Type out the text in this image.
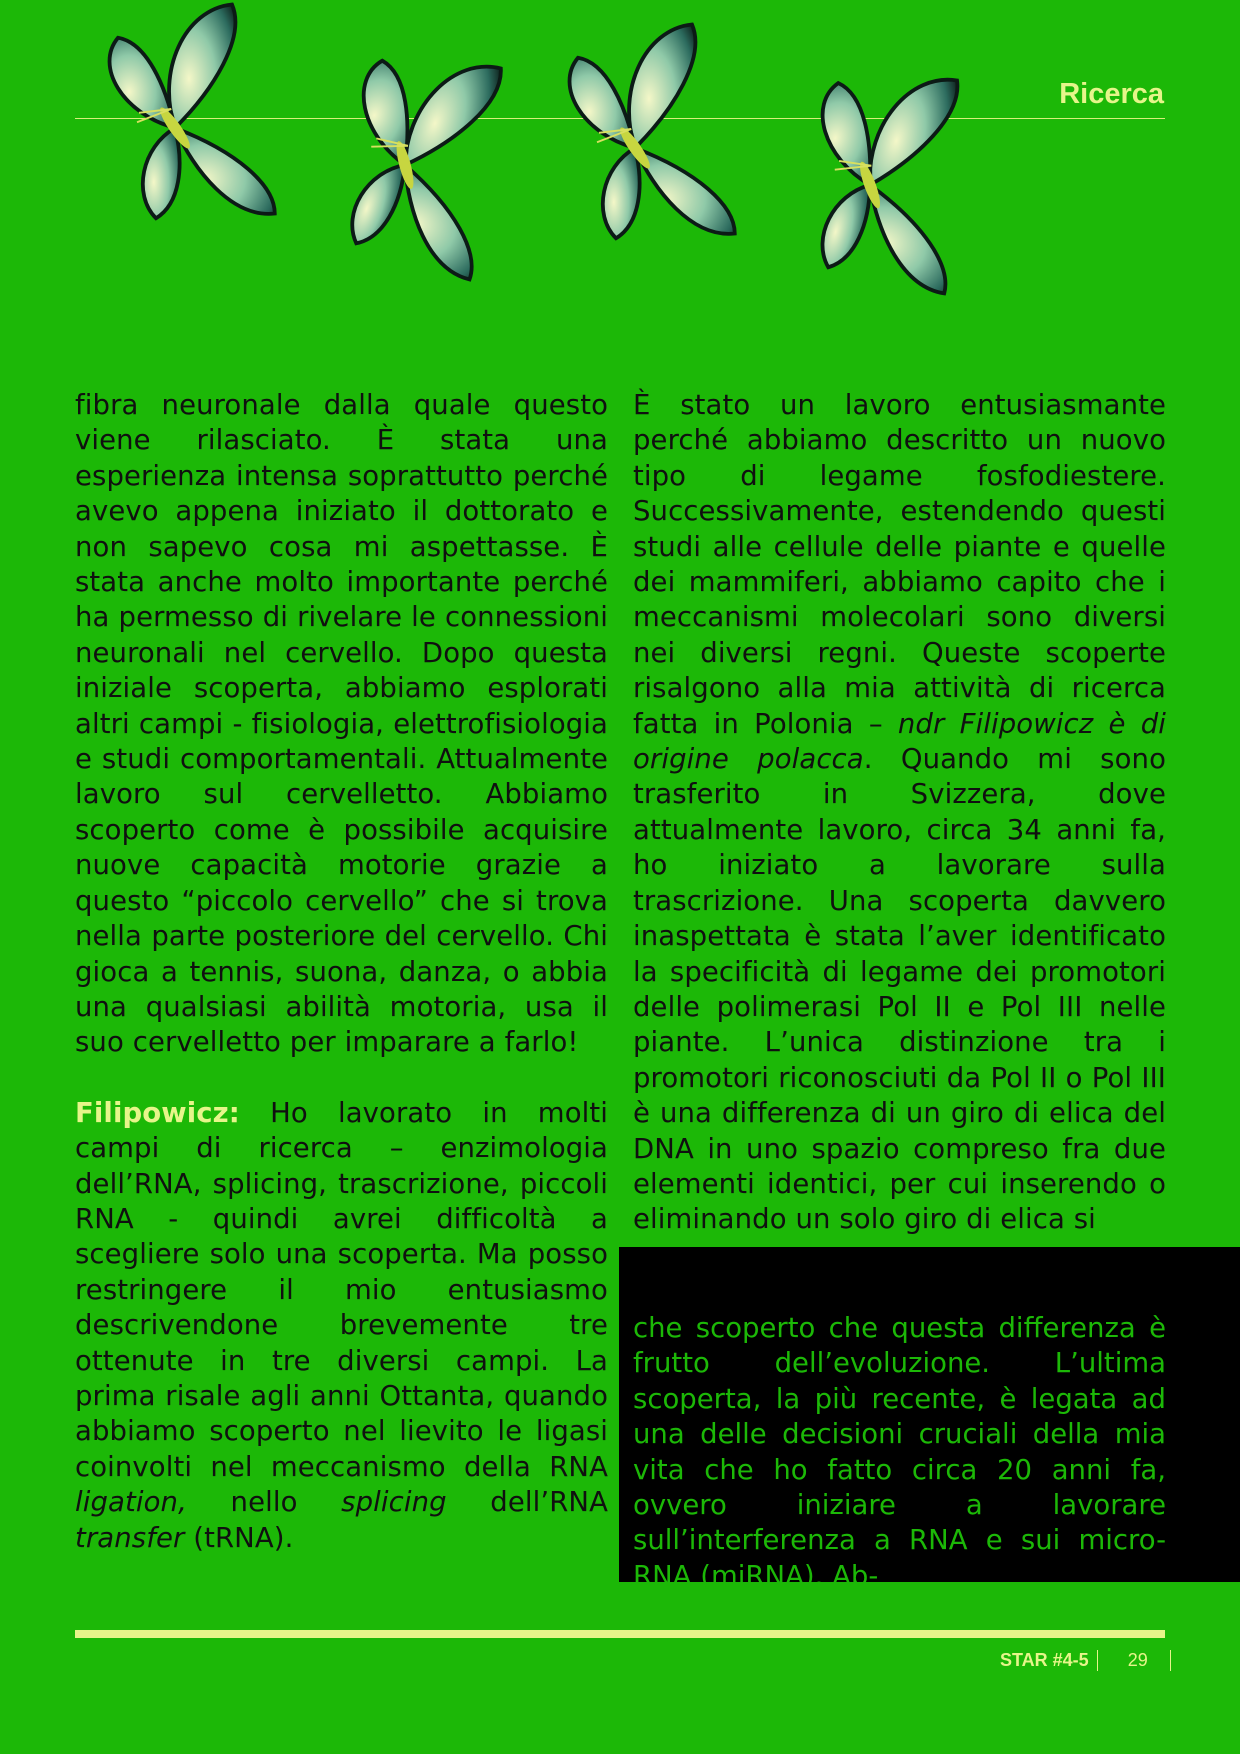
Ricerca

fibra neuronale dalla quale questo viene rilasciato. È stata una esperienza intensa soprattutto perché avevo appena iniziato il dottorato e non sapevo cosa mi aspettasse. È stata anche molto importante perché ha permesso di rivelare le connessioni neuronali nel cervello. Dopo questa iniziale scoperta, abbiamo esplorati altri campi - fisiologia, elettrofisiologia e studi comportamentali. Attualmente lavoro sul cervelletto. Abbiamo scoperto come è possibile acquisire nuove capacità motorie grazie a questo “piccolo cervello” che si trova nella parte posteriore del cervello. Chi gioca a tennis, suona, danza, o abbia una qualsiasi abilità motoria, usa il suo cervelletto per imparare a farlo!

Filipowicz: Ho lavorato in molti campi di ricerca – enzimologia dell’RNA, splicing, trascrizione, piccoli RNA - quindi avrei difficoltà a scegliere solo una scoperta. Ma posso restringere il mio entusiasmo descrivendone brevemente tre ottenute in tre diversi campi. La prima risale agli anni Ottanta, quando abbiamo scoperto nel lievito le ligasi coinvolti nel meccanismo della RNA ligation, nello splicing dell’RNA transfer (tRNA).

È stato un lavoro entusiasmante perché abbiamo descritto un nuovo tipo di legame fosfodiestere. Successivamente, estendendo questi studi alle cellule delle piante e quelle dei mammiferi, abbiamo capito che i meccanismi molecolari sono diversi nei diversi regni. Queste scoperte risalgono alla mia attività di ricerca fatta in Polonia – ndr Filipowicz è di origine polacca. Quando mi sono trasferito in Svizzera, dove attualmente lavoro, circa 34 anni fa, ho iniziato a lavorare sulla trascrizione. Una scoperta davvero inaspettata è stata l’aver identificato la specificità di legame dei promotori delle polimerasi Pol II e Pol III nelle piante. L’unica distinzione tra i promotori riconosciuti da Pol II o Pol III è una differenza di un giro di elica del DNA in uno spazio compreso fra due elementi identici, per cui inserendo o eliminando un solo giro di elica si

che scoperto che questa differenza è frutto dell’evoluzione. L’ultima scoperta, la più recente, è legata ad una delle decisioni cruciali della mia vita che ho fatto circa 20 anni fa, ovvero iniziare a lavorare sull’interferenza a RNA e sui micro-RNA (miRNA). Ab-

STAR #4-5	29
